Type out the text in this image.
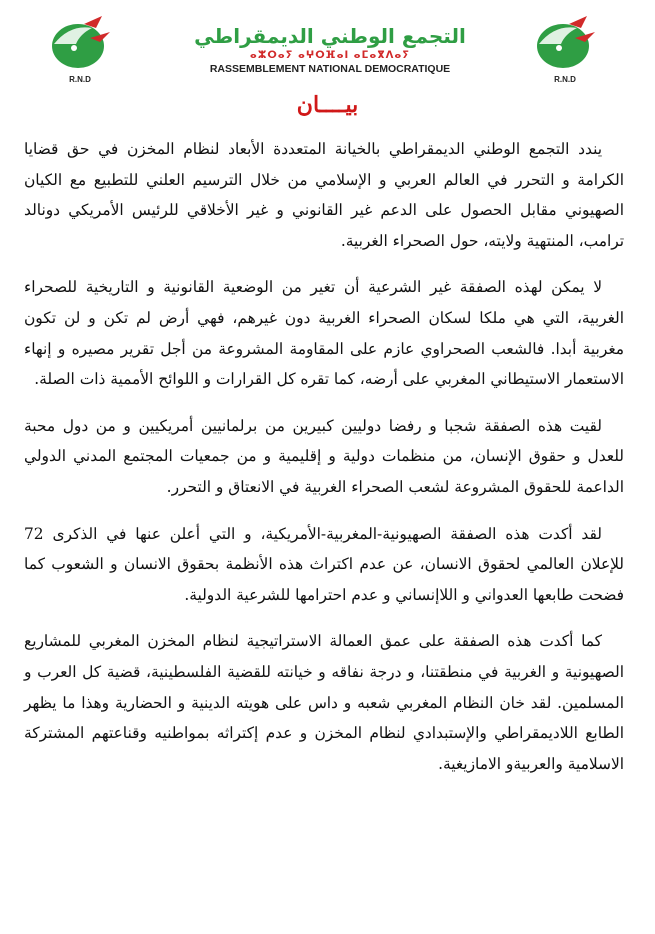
R.N.D
التجمع الوطني الديمقراطي
ⴰⵣⵔⴰⵢ ⴰⵖⵔⴼⴰⵏ ⴰⵎⴰⴳⴷⴰⵢ
RASSEMBLEMENT NATIONAL DEMOCRATIQUE
R.N.D
بيــــان

يندد التجمع الوطني الديمقراطي بالخيانة المتعددة الأبعاد لنظام المخزن في حق قضايا الكرامة و التحرر في العالم العربي و الإسلامي من خلال الترسيم العلني للتطبيع مع الكيان الصهيوني مقابل الحصول على الدعم غير القانوني و غير الأخلاقي للرئيس الأمريكي دونالد ترامب، المنتهية ولايته، حول الصحراء الغربية.

لا يمكن لهذه الصفقة غير الشرعية أن تغير من الوضعية القانونية و التاريخية للصحراء الغربية، التي هي ملكا لسكان الصحراء الغربية دون غيرهم، فهي أرض لم تكن و لن تكون مغربية أبدا. فالشعب الصحراوي عازم على المقاومة المشروعة من أجل تقرير مصيره و إنهاء الاستعمار الاستيطاني المغربي على أرضه، كما تقره كل القرارات و اللوائح الأممية ذات الصلة.

لقيت هذه الصفقة شجبا و رفضا دوليين كبيرين من برلمانيين أمريكيين و من دول محبة للعدل و حقوق الإنسان، من منظمات دولية و إقليمية و من جمعيات المجتمع المدني الدولي الداعمة للحقوق المشروعة لشعب الصحراء الغربية في الانعتاق و التحرر.

لقد أكدت هذه الصفقة الصهيونية-المغربية-الأمريكية، و التي أعلن عنها في الذكرى 72 للإعلان العالمي لحقوق الانسان، عن عدم اكتراث هذه الأنظمة بحقوق الانسان و الشعوب كما فضحت طابعها العدواني و اللاإنساني و عدم احترامها للشرعية الدولية.

كما أكدت هذه الصفقة على عمق العمالة الاستراتيجية لنظام المخزن المغربي للمشاريع الصهيونية و الغربية في منطقتنا، و درجة نفاقه و خيانته للقضية الفلسطينية، قضية كل العرب و المسلمين. لقد خان النظام المغربي شعبه و داس على هويته الدينية و الحضارية وهذا ما يظهر الطابع اللاديمقراطي والإستبدادي لنظام المخزن و عدم إكتراثه بمواطنيه وقناعتهم المشتركة الاسلامية والعربيةو الامازيغية.
